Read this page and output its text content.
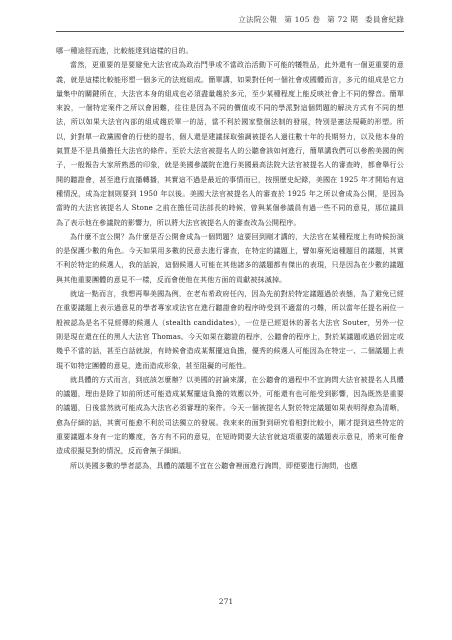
立法院公報 第 105 卷 第 72 期 委員會紀錄

哪一種途徑而進，比較能達到這樣的目的。

當然，更重要的是要避免大法官成為政治鬥爭或不當政治活動下可能的犧牲品，此外還有一個更重要的意義，就是這樣比較能形塑一個多元的法庭組成。簡單講，如果對任何一個社會或國體而言，多元的組成是它力量集中的關鍵所在，大法官本身的組成也必須盡量趨於多元，至少某種程度上能反映社會上不同的聲音。簡單來說，一個特定案件之所以會困難，往往是因為不同的價值或不同的學派對這個問題的解決方式有不同的想法，所以如果大法官內部的組成趨於單一的話，當不利於國家整個法制的發展，特別是憲法規範的形塑。所以，針對單一政黨國會的行使的提名，個人還是建議採取強調被提名人過往數十年的長期努力，以及他本身的氣質是不是具備擔任大法官的條件。至於大法官被提名人的公聽會該如何進行，簡單講我們可以參酌美國的例子，一般報告大家所熟悉的印象，就是美國參議院在進行美國最高法院大法官被提名人的審查時，都會舉行公開的聽證會，甚至進行直播轉播，其實這不過是最近的事情而已，按照歷史紀錄，美國在 1925 年才開始有這種情況，成為定制則要到 1950 年以後。美國大法官被提名人的審查於 1925 年之所以會成為公開，是因為當時的大法官被提名人 Stone 之前在擔任司法部長的時候，曾與某個參議員有過一些不同的意見，那位議員為了表示他在參議院的影響力，所以將大法官被提名人的審查改為公開程序。

為什麼不宜公開？為什麼是否公開會成為一個問題？這要回到剛才講的，大法官在某種程度上有時候扮演的是保護少數的角色。今天如果用多數的民意去進行審查，在特定的議題上，譬如廢死這種題目的議題，其實不利於特定的候選人，我的話說，這個候選人可能在其他諸多的議題都有傑出的表現，只是因為在少數的議題與其他重要團體的意見不一樣，反而會使他在其他方面的貢獻被抹滅掉。

就這一點而言，我想再舉美國為例，在老布希政府任內，因為先前對於特定議題過於表態，為了避免已經在重要議題上表示過意見的學者專家或法官在進行聽證會的程序時受到不適當的刁難，所以當年任提名兩位一般被認為是名不見經傳的候選人（stealth candidates），一位是已經退休的著名大法官 Souter，另外一位則是現在還在任的黑人大法官 Thomas。今天如果在聽證的程序，公聽會的程序上，對於某議題或過於固定或幾乎不當的話，甚至白話就說，有時候會造成某幫擺這負擔，優秀的候選人可能因為在特定一、二個議題上表現不如特定團體的意見，進而造成形象，甚至阻礙的可能性。

就具體的方式而言，到底該怎麼辦？以美國的討論來講，在公聽會的過程中不宜詢問大法官被提名人具體的議題，理由是除了如前所述可能造成某幫擺這負擔的效應以外，可能還有也可能受到影響，因為既然是重要的議題，日後當然就可能成為大法官必須審理的案件。今天一個被提名人對於特定議題如果表明得愈為清晰，愈為仔細的話，其實可能愈不利於司法獨立的發展。我來來的面對到研究看相對比較小，剛才提到這些特定的重要議題本身有一定的難度，各方有不同的意見，在短時間要大法官就這項重要的議題表示意見，將來可能會造成很擬見對的情況，反而會無子細細。

所以美國多數的學者認為，具體的議題不宜在公聽會裡面進行詢問，即便要進行詢問，也應

271
